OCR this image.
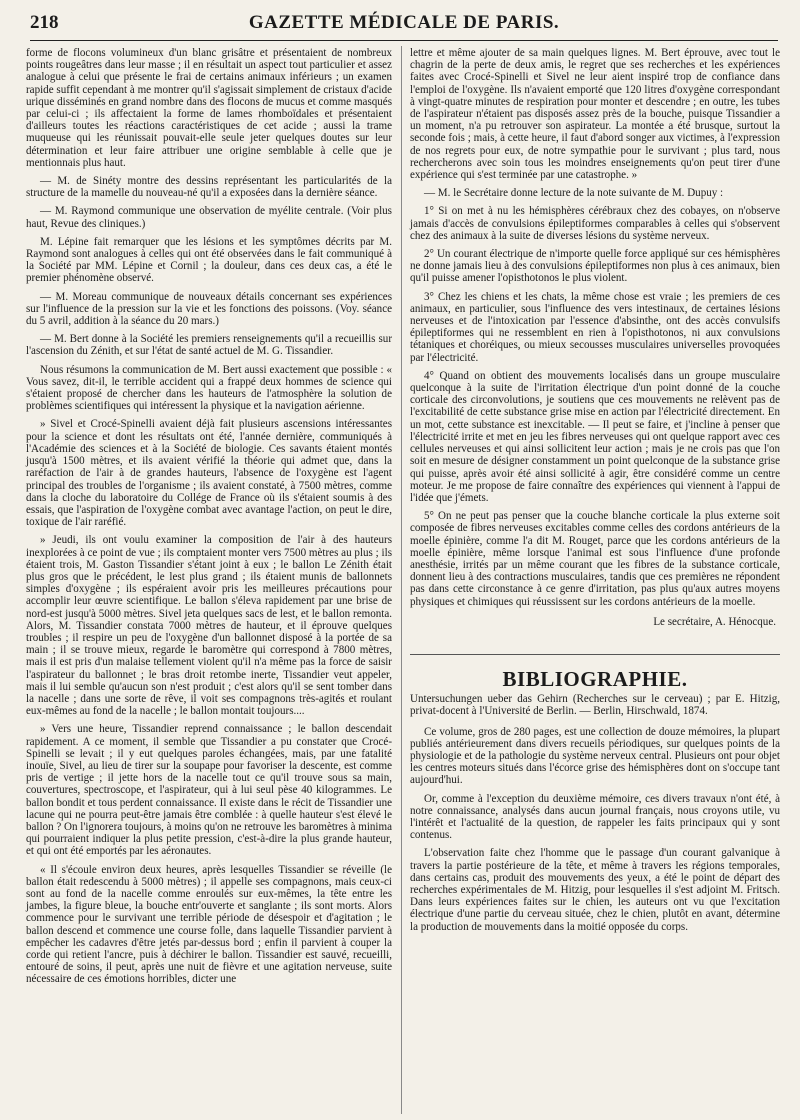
218	GAZETTE MÉDICALE DE PARIS.

forme de flocons volumineux d'un blanc grisâtre et présentaient de nombreux points rougeâtres dans leur masse ; il en résultait un aspect tout particulier et assez analogue à celui que présente le frai de certains animaux inférieurs ; un examen rapide suffit cependant à me montrer qu'il s'agissait simplement de cristaux d'acide urique disséminés en grand nombre dans des flocons de mucus et comme masqués par celui-ci ; ils affectaient la forme de lames rhomboïdales et présentaient d'ailleurs toutes les réactions caractéristiques de cet acide ; aussi la trame muqueuse qui les réunissait pouvait-elle seule jeter quelques doutes sur leur détermination et leur faire attribuer une origine semblable à celle que je mentionnais plus haut.

— M. de Sinéty montre des dessins représentant les particularités de la structure de la mamelle du nouveau-né qu'il a exposées dans la dernière séance.

— M. Raymond communique une observation de myélite centrale. (Voir plus haut, Revue des cliniques.)

M. Lépine fait remarquer que les lésions et les symptômes décrits par M. Raymond sont analogues à celles qui ont été observées dans le fait communiqué à la Société par MM. Lépine et Cornil ; la douleur, dans ces deux cas, a été le premier phénomène observé.

— M. Moreau communique de nouveaux détails concernant ses expériences sur l'influence de la pression sur la vie et les fonctions des poissons. (Voy. séance du 5 avril, addition à la séance du 20 mars.)

— M. Bert donne à la Société les premiers renseignements qu'il a recueillis sur l'ascension du Zénith, et sur l'état de santé actuel de M. G. Tissandier.

Nous résumons la communication de M. Bert aussi exactement que possible : « Vous savez, dit-il, le terrible accident qui a frappé deux hommes de science qui s'étaient proposé de chercher dans les hauteurs de l'atmosphère la solution de problèmes scientifiques qui intéressent la physique et la navigation aérienne.

» Sivel et Crocé-Spinelli avaient déjà fait plusieurs ascensions intéressantes pour la science et dont les résultats ont été, l'année dernière, communiqués à l'Académie des sciences et à la Société de biologie. Ces savants étaient montés jusqu'à 1500 mètres, et ils avaient vérifié la théorie qui admet que, dans la raréfaction de l'air à de grandes hauteurs, l'absence de l'oxygène est l'agent principal des troubles de l'organisme ; ils avaient constaté, à 7500 mètres, comme dans la cloche du laboratoire du Collége de France où ils s'étaient soumis à des essais, que l'aspiration de l'oxygène combat avec avantage l'action, on peut le dire, toxique de l'air raréfié.

» Jeudi, ils ont voulu examiner la composition de l'air à des hauteurs inexplorées à ce point de vue ; ils comptaient monter vers 7500 mètres au plus ; ils étaient trois, M. Gaston Tissandier s'étant joint à eux ; le ballon Le Zénith était plus gros que le précédent, le lest plus grand ; ils étaient munis de ballonnets simples d'oxygène ; ils espéraient avoir pris les meilleures précautions pour accomplir leur œuvre scientifique. Le ballon s'éleva rapidement par une brise de nord-est jusqu'à 5000 mètres. Sivel jeta quelques sacs de lest, et le ballon remonta. Alors, M. Tissandier constata 7000 mètres de hauteur, et il éprouve quelques troubles ; il respire un peu de l'oxygène d'un ballonnet disposé à la portée de sa main ; il se trouve mieux, regarde le baromètre qui correspond à 7800 mètres, mais il est pris d'un malaise tellement violent qu'il n'a même pas la force de saisir l'aspirateur du ballonnet ; le bras droit retombe inerte, Tissandier veut appeler, mais il lui semble qu'aucun son n'est produit ; c'est alors qu'il se sent tomber dans la nacelle ; dans une sorte de rêve, il voit ses compagnons très-agités et roulant eux-mêmes au fond de la nacelle ; le ballon montait toujours....

» Vers une heure, Tissandier reprend connaissance ; le ballon descendait rapidement. A ce moment, il semble que Tissandier a pu constater que Crocé-Spinelli se levait ; il y eut quelques paroles échangées, mais, par une fatalité inouïe, Sivel, au lieu de tirer sur la soupape pour favoriser la descente, est comme pris de vertige ; il jette hors de la nacelle tout ce qu'il trouve sous sa main, couvertures, spectroscope, et l'aspirateur, qui à lui seul pèse 40 kilogrammes. Le ballon bondit et tous perdent connaissance. Il existe dans le récit de Tissandier une lacune qui ne pourra peut-être jamais être comblée : à quelle hauteur s'est élevé le ballon ? On l'ignorera toujours, à moins qu'on ne retrouve les baromètres à minima qui pourraient indiquer la plus petite pression, c'est-à-dire la plus grande hauteur, et qui ont été emportés par les aéronautes.

« Il s'écoule environ deux heures, après lesquelles Tissandier se réveille (le ballon était redescendu à 5000 mètres) ; il appelle ses compagnons, mais ceux-ci sont au fond de la nacelle comme enroulés sur eux-mêmes, la tête entre les jambes, la figure bleue, la bouche entr'ouverte et sanglante ; ils sont morts. Alors commence pour le survivant une terrible période de désespoir et d'agitation ; le ballon descend et commence une course folle, dans laquelle Tissandier parvient à empêcher les cadavres d'être jetés par-dessus bord ; enfin il parvient à couper la corde qui retient l'ancre, puis à déchirer le ballon. Tissandier est sauvé, recueilli, entouré de soins, il peut, après une nuit de fièvre et une agitation nerveuse, suite nécessaire de ces émotions horribles, dicter une

lettre et même ajouter de sa main quelques lignes. M. Bert éprouve, avec tout le chagrin de la perte de deux amis, le regret que ses recherches et les expériences faites avec Crocé-Spinelli et Sivel ne leur aient inspiré trop de confiance dans l'emploi de l'oxygène. Ils n'avaient emporté que 120 litres d'oxygène correspondant à vingt-quatre minutes de respiration pour monter et descendre ; en outre, les tubes de l'aspirateur n'étaient pas disposés assez près de la bouche, puisque Tissandier a un moment, n'a pu retrouver son aspirateur. La montée a été brusque, surtout la seconde fois ; mais, à cette heure, il faut d'abord songer aux victimes, à l'expression de nos regrets pour eux, de notre sympathie pour le survivant ; plus tard, nous rechercherons avec soin tous les moindres enseignements qu'on peut tirer d'une expérience qui s'est terminée par une catastrophe. »

— M. le Secrétaire donne lecture de la note suivante de M. Dupuy :

1° Si on met à nu les hémisphères cérébraux chez des cobayes, on n'observe jamais d'accès de convulsions épileptiformes comparables à celles qui s'observent chez des animaux à la suite de diverses lésions du système nerveux.

2° Un courant électrique de n'importe quelle force appliqué sur ces hémisphères ne donne jamais lieu à des convulsions épileptiformes non plus à ces animaux, bien qu'il puisse amener l'opisthotonos le plus violent.

3° Chez les chiens et les chats, la même chose est vraie ; les premiers de ces animaux, en particulier, sous l'influence des vers intestinaux, de certaines lésions nerveuses et de l'intoxication par l'essence d'absinthe, ont des accès convulsifs épileptiformes qui ne ressemblent en rien à l'opisthotonos, ni aux convulsions tétaniques et choréiques, ou mieux secousses musculaires universelles provoquées par l'électricité.

4° Quand on obtient des mouvements localisés dans un groupe musculaire quelconque à la suite de l'irritation électrique d'un point donné de la couche corticale des circonvolutions, je soutiens que ces mouvements ne relèvent pas de l'excitabilité de cette substance grise mise en action par l'électricité directement. En un mot, cette substance est inexcitable. — Il peut se faire, et j'incline à penser que l'électricité irrite et met en jeu les fibres nerveuses qui ont quelque rapport avec ces cellules nerveuses et qui ainsi sollicitent leur action ; mais je ne crois pas que l'on soit en mesure de désigner constamment un point quelconque de la substance grise qui puisse, après avoir été ainsi sollicité à agir, être considéré comme un centre moteur. Je me propose de faire connaître des expériences qui viennent à l'appui de l'idée que j'émets.

5° On ne peut pas penser que la couche blanche corticale la plus externe soit composée de fibres nerveuses excitables comme celles des cordons antérieurs de la moelle épinière, comme l'a dit M. Rouget, parce que les cordons antérieurs de la moelle épinière, même lorsque l'animal est sous l'influence d'une profonde anesthésie, irrités par un même courant que les fibres de la substance corticale, donnent lieu à des contractions musculaires, tandis que ces premières ne répondent pas dans cette circonstance à ce genre d'irritation, pas plus qu'aux autres moyens physiques et chimiques qui réussissent sur les cordons antérieurs de la moelle.

Le secrétaire, A. Hénocque.

BIBLIOGRAPHIE.

Untersuchungen ueber das Gehirn (Recherches sur le cerveau) ; par E. Hitzig, privat-docent à l'Université de Berlin. — Berlin, Hirschwald, 1874.

Ce volume, gros de 280 pages, est une collection de douze mémoires, la plupart publiés antérieurement dans divers recueils périodiques, sur quelques points de la physiologie et de la pathologie du système nerveux central. Plusieurs ont pour objet les centres moteurs situés dans l'écorce grise des hémisphères dont on s'occupe tant aujourd'hui.

Or, comme à l'exception du deuxième mémoire, ces divers travaux n'ont été, à notre connaissance, analysés dans aucun journal français, nous croyons utile, vu l'intérêt et l'actualité de la question, de rappeler les faits principaux qui y sont contenus.

L'observation faite chez l'homme que le passage d'un courant galvanique à travers la partie postérieure de la tête, et même à travers les régions temporales, dans certains cas, produit des mouvements des yeux, a été le point de départ des recherches expérimentales de M. Hitzig, pour lesquelles il s'est adjoint M. Fritsch. Dans leurs expériences faites sur le chien, les auteurs ont vu que l'excitation électrique d'une partie du cerveau située, chez le chien, plutôt en avant, détermine la production de mouvements dans la moitié opposée du corps.
